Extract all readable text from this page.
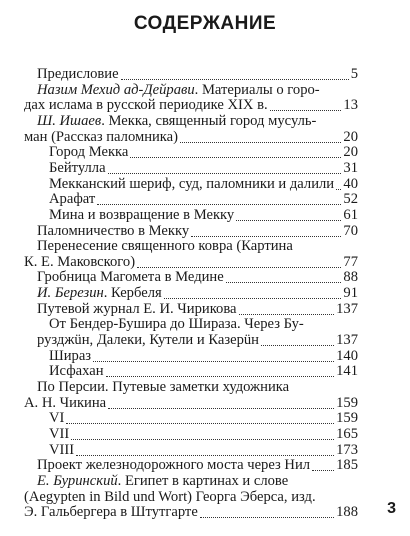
СОДЕРЖАНИЕ
Предисловие	5
Назим Мехид ад-Дейрави. Материалы о горо-
дах ислама в русской периодике XIX в.	13
Ш. Ишаев. Мекка, священный город мусуль-
ман (Рассказ паломника)	20
Город Мекка	20
Бейтулла	31
Мекканский шериф, суд, паломники и далили 40
Арафат	52
Мина и возвращение в Мекку	61
Паломничество в Мекку	70
Перенесение священного ковра (Картина
К. Е. Маковского)	77
Гробница Магомета в Медине	88
И. Березин. Кербеля	91
Путевой журнал Е. И. Чирикова	137
От Бендер-Бушира до Шираза. Через Бу-
рузджüн, Далеки, Кутели и Казерüн	137
Шираз	140
Исфахан	141
По Персии. Путевые заметки художника
А. Н. Чикина	159
VI	159
VII	165
VIII	173
Проект железнодорожного моста через Нил 185
Е. Буринский. Египет в картинах и слове
(Aegypten in Bild und Wort) Георга Эберса, изд.
Э. Гальбергера в Штутгарте	188 3
